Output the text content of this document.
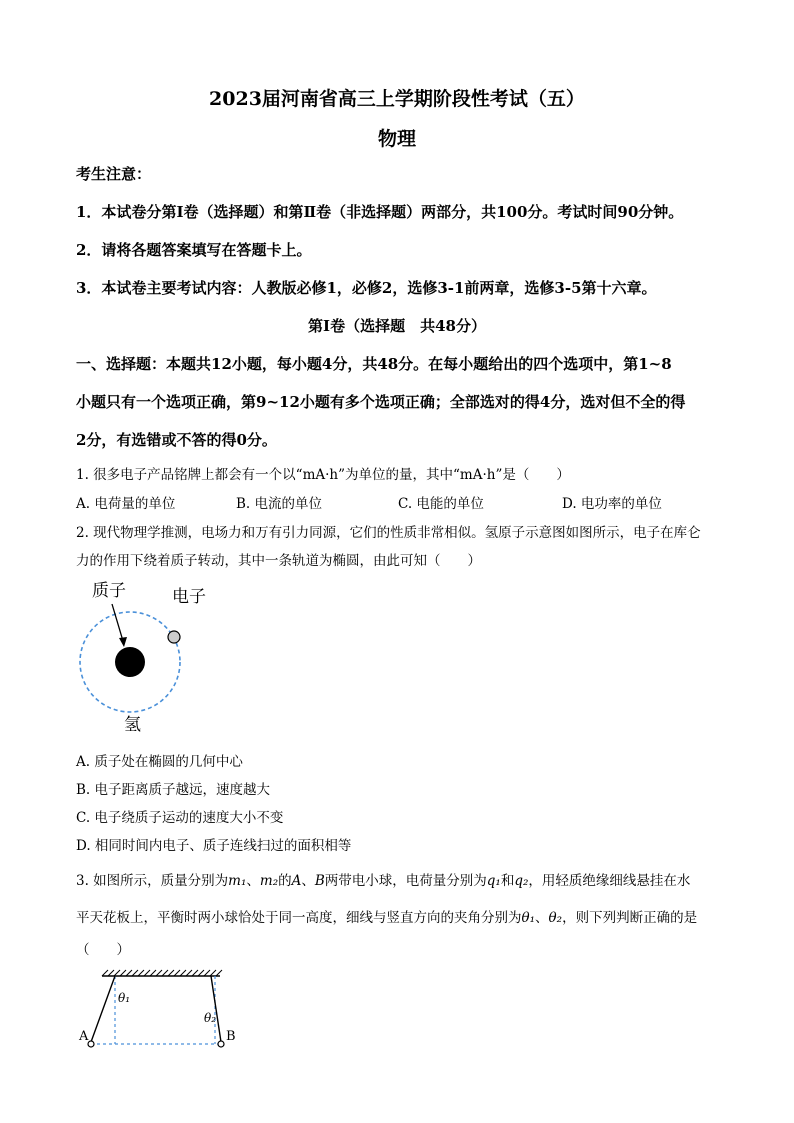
2023届河南省高三上学期阶段性考试（五）
物理
考生注意：
1．本试卷分第Ⅰ卷（选择题）和第Ⅱ卷（非选择题）两部分，共100分。考试时间90分钟。
2．请将各题答案填写在答题卡上。
3．本试卷主要考试内容：人教版必修1，必修2，选修3-1前两章，选修3-5第十六章。
第Ⅰ卷（选择题　共48分）
一、选择题：本题共12小题，每小题4分，共48分。在每小题给出的四个选项中，第1~8
小题只有一个选项正确，第9~12小题有多个选项正确；全部选对的得4分，选对但不全的得
2分，有选错或不答的得0分。
1. 很多电子产品铭牌上都会有一个以“mA·h”为单位的量，其中“mA·h”是（　　）
A. 电荷量的单位	B. 电流的单位	C. 电能的单位	D. 电功率的单位
2. 现代物理学推测，电场力和万有引力同源，它们的性质非常相似。氢原子示意图如图所示，电子在库仑
力的作用下绕着质子转动，其中一条轨道为椭圆，由此可知（　　）
质子	电子
氢
A. 质子处在椭圆的几何中心
B. 电子距离质子越远，速度越大
C. 电子绕质子运动的速度大小不变
D. 相同时间内电子、质子连线扫过的面积相等
3. 如图所示，质量分别为m₁、m₂的A、B两带电小球，电荷量分别为q₁和q₂，用轻质绝缘细线悬挂在水
平天花板上，平衡时两小球恰处于同一高度，细线与竖直方向的夹角分别为θ₁、θ₂，则下列判断正确的是
（　　）
A	B
θ₁
θ₂
